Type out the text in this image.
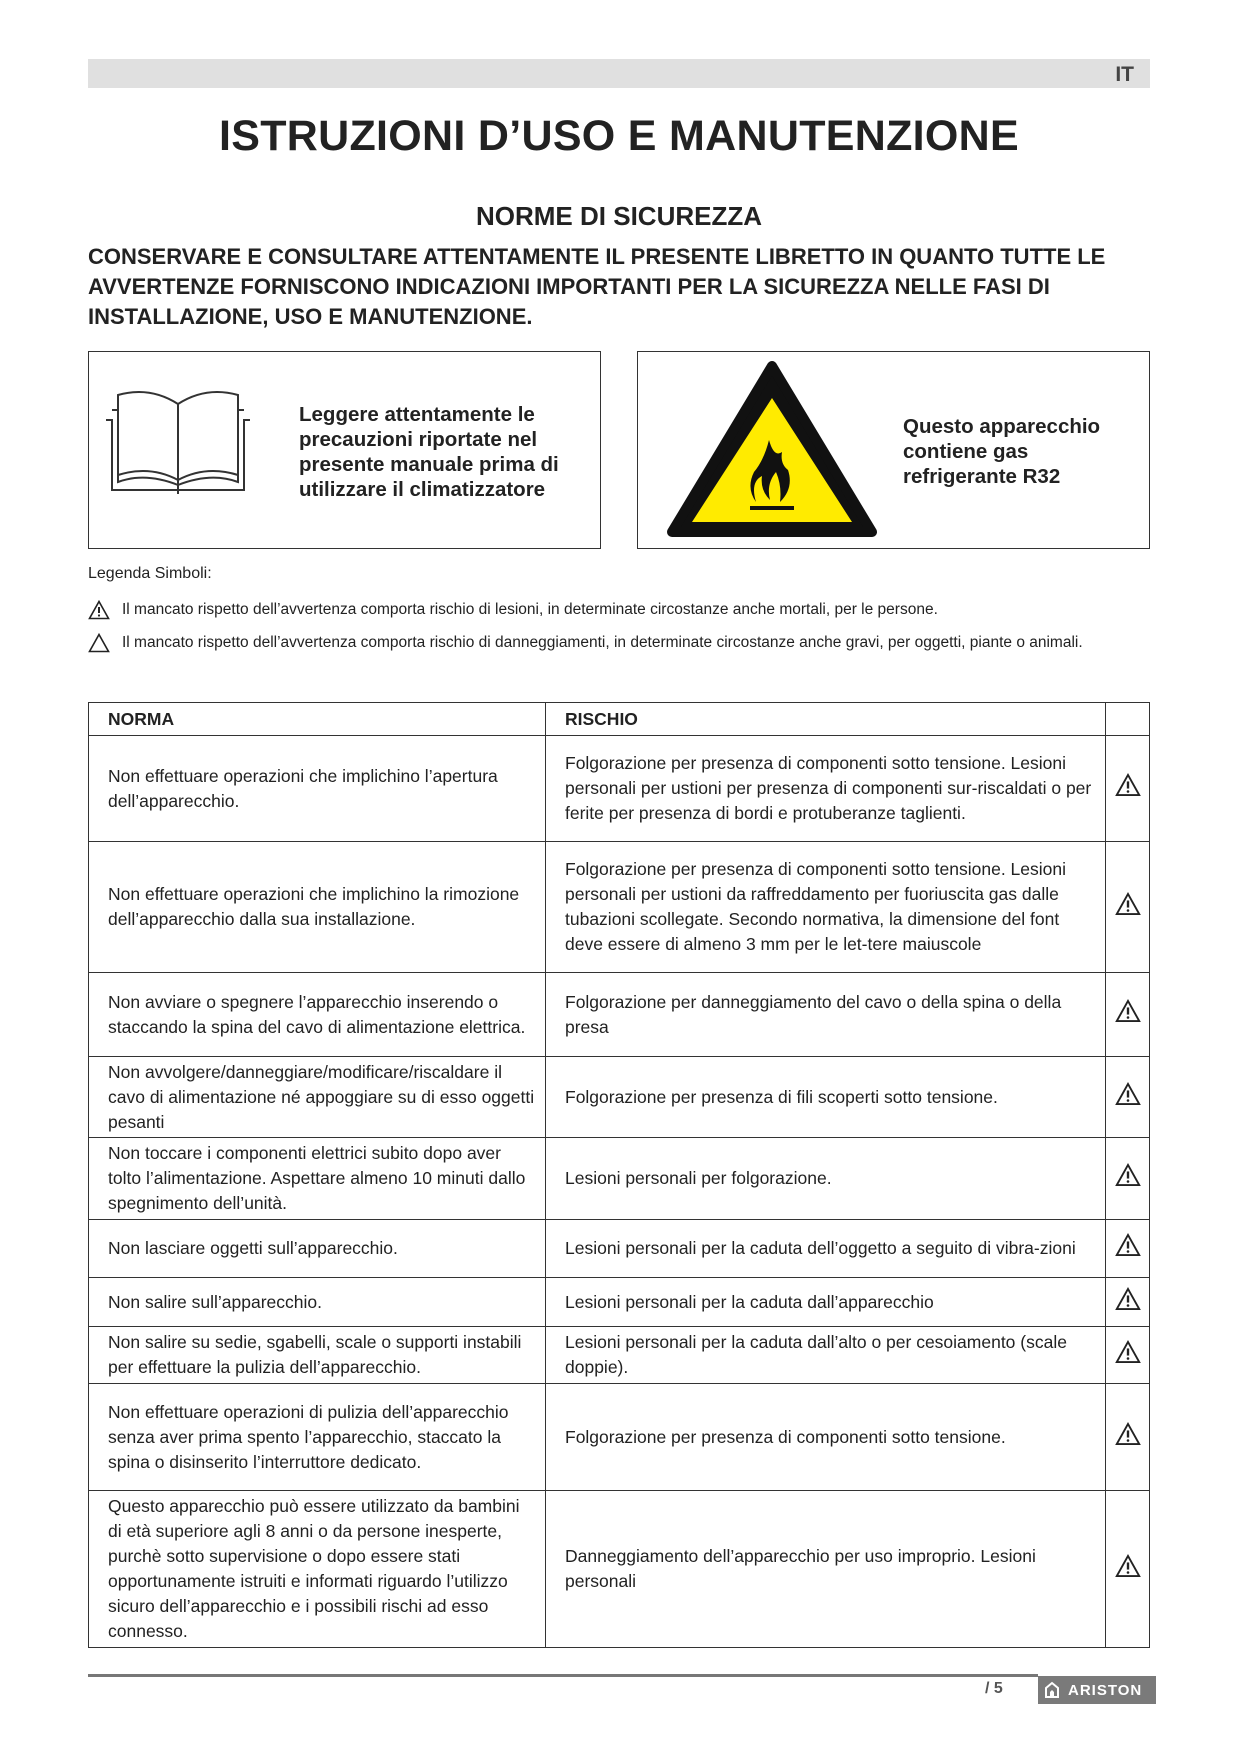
IT
ISTRUZIONI D’USO E MANUTENZIONE
NORME DI SICUREZZA
CONSERVARE E CONSULTARE ATTENTAMENTE IL PRESENTE LIBRETTO IN QUANTO TUTTE LE AVVERTENZE FORNISCONO INDICAZIONI IMPORTANTI PER LA SICUREZZA NELLE FASI DI INSTALLAZIONE, USO E MANUTENZIONE.
Leggere attentamente le precauzioni riportate nel presente manuale prima di utilizzare il climatizzatore
Questo apparecchio contiene gas refrigerante R32
Legenda Simboli:
Il mancato rispetto dell’avvertenza comporta rischio di lesioni, in determinate circostanze anche mortali, per le persone.
Il mancato rispetto dell’avvertenza comporta rischio di danneggiamenti, in determinate circostanze anche gravi, per oggetti, piante o animali.
NORMA	RISCHIO	
Non effettuare operazioni che implichino l’apertura dell’apparecchio.	Folgorazione per presenza di componenti sotto tensione. Lesioni personali per ustioni per presenza di componenti sur-riscaldati o per ferite per presenza di bordi e protuberanze taglienti.	
Non effettuare operazioni che implichino la rimozione dell’apparecchio dalla sua installazione.	Folgorazione per presenza di componenti sotto tensione. Lesioni personali per ustioni da raffreddamento per fuoriuscita gas dalle tubazioni scollegate. Secondo normativa, la dimensione del font deve essere di almeno 3 mm per le let-tere maiuscole	
Non avviare o spegnere l’apparecchio inserendo o staccando la spina del cavo di alimentazione elettrica.	Folgorazione per danneggiamento del cavo o della spina o della presa	
Non avvolgere/danneggiare/modificare/riscaldare il cavo di alimentazione né appoggiare su di esso oggetti pesanti	Folgorazione per presenza di fili scoperti sotto tensione.	
Non toccare i componenti elettrici subito dopo aver tolto l’alimentazione. Aspettare almeno 10 minuti dallo spegnimento dell’unità.	Lesioni personali per folgorazione.	
Non lasciare oggetti sull’apparecchio.	Lesioni personali per la caduta dell’oggetto a seguito di vibra-zioni	
Non salire sull’apparecchio.	Lesioni personali per la caduta dall’apparecchio	
Non salire su sedie, sgabelli, scale o supporti instabili per effettuare la pulizia dell’apparecchio.	Lesioni personali per la caduta dall’alto o per cesoiamento (scale doppie).	
Non effettuare operazioni di pulizia dell’apparecchio senza aver prima spento l’apparecchio, staccato la spina o disinserito l’interruttore dedicato.	Folgorazione per presenza di componenti sotto tensione.	
Questo apparecchio può essere utilizzato da bambini di età superiore agli 8 anni o da persone inesperte, purchè sotto supervisione o dopo essere stati opportunamente istruiti e informati riguardo l’utilizzo sicuro dell’apparecchio e i possibili rischi ad esso connesso.	Danneggiamento dell’apparecchio per uso improprio. Lesioni personali	
/ 5	ARISTON
